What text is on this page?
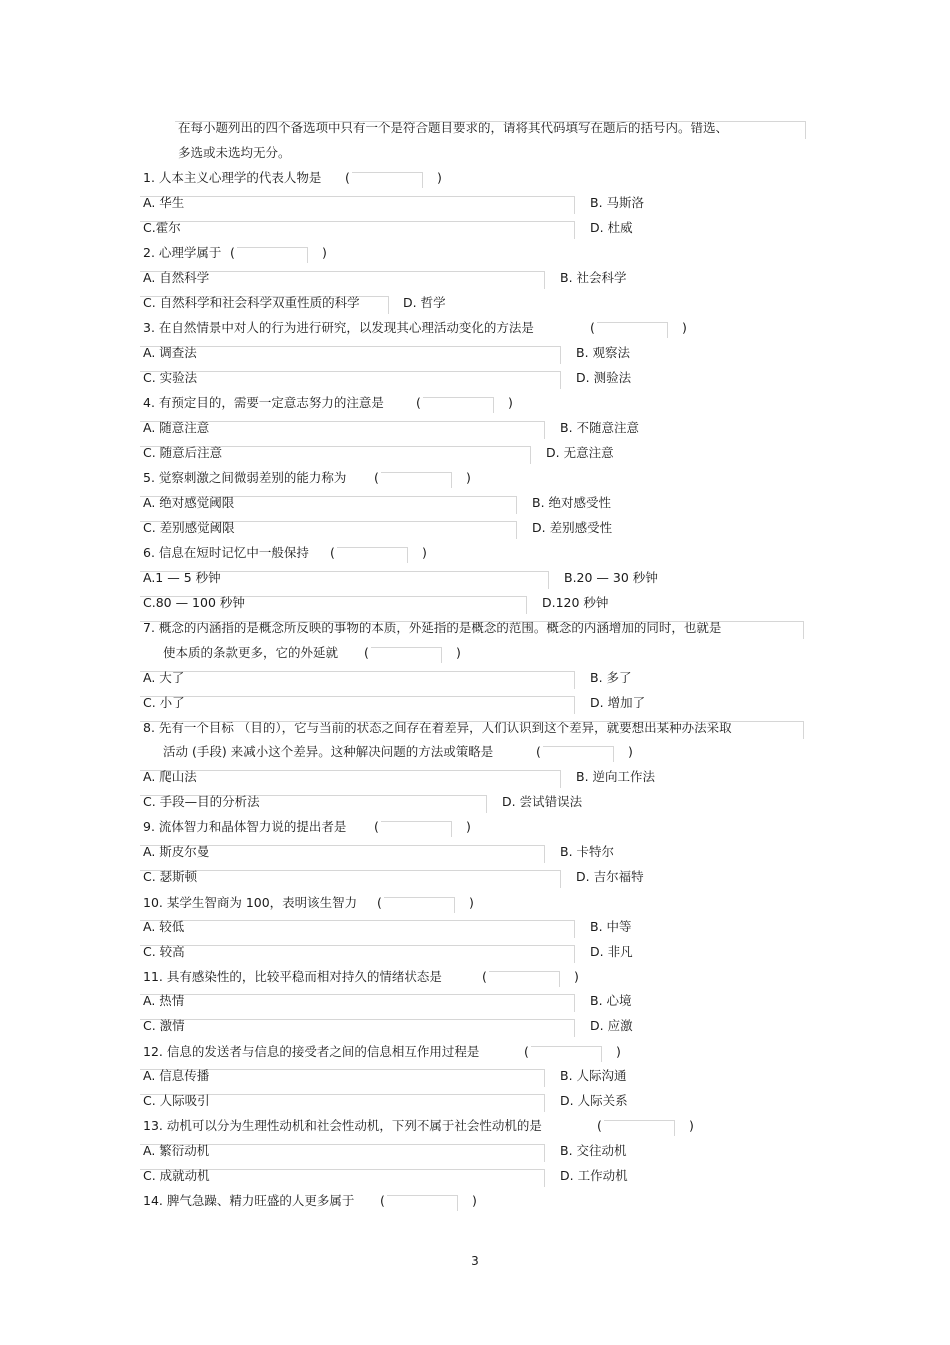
在每小题列出的四个备选项中只有一个是符合题目要求的，请将其代码填写在题后的括号内。错选、
多选或未选均无分。
1. 人本主义心理学的代表人物是 (	)
A. 华生	B. 马斯洛
C.霍尔	D. 杜威
2. 心理学属于 (	)
A. 自然科学	B. 社会科学
C. 自然科学和社会科学双重性质的科学	D. 哲学
3. 在自然情景中对人的行为进行研究，以发现其心理活动变化的方法是	(	)
A. 调查法	B. 观察法
C. 实验法	D. 测验法
4. 有预定目的，需要一定意志努力的注意是	(	)
A. 随意注意	B. 不随意注意
C. 随意后注意	D. 无意注意
5. 觉察刺激之间微弱差别的能力称为 (	)
A. 绝对感觉阈限	B. 绝对感受性
C. 差别感觉阈限	D. 差别感受性
6. 信息在短时记忆中一般保持 (	)
A.1 — 5 秒钟	B.20 — 30 秒钟
C.80 — 100 秒钟	D.120 秒钟
7. 概念的内涵指的是概念所反映的事物的本质，外延指的是概念的范围。概念的内涵增加的同时，也就是
使本质的条款更多，它的外延就 (	)
A. 大了	B. 多了
C. 小了	D. 增加了
8. 先有一个目标 （目的），它与当前的状态之间存在着差异，人们认识到这个差异，就要想出某种办法采取
活动 (手段) 来减小这个差异。这种解决问题的方法或策略是	(	)
A. 爬山法	B. 逆向工作法
C. 手段—目的分析法	D. 尝试错误法
9. 流体智力和晶体智力说的提出者是 (	)
A. 斯皮尔曼	B. 卡特尔
C. 瑟斯顿	D. 吉尔福特
10. 某学生智商为 100，表明该生智力 (	)
A. 较低	B. 中等
C. 较高	D. 非凡
11. 具有感染性的，比较平稳而相对持久的情绪状态是	(	)
A. 热情	B. 心境
C. 激情	D. 应激
12. 信息的发送者与信息的接受者之间的信息相互作用过程是	(	)
A. 信息传播	B. 人际沟通
C. 人际吸引	D. 人际关系
13. 动机可以分为生理性动机和社会性动机，下列不属于社会性动机的是	(	)
A. 繁衍动机	B. 交往动机
C. 成就动机	D. 工作动机
14. 脾气急躁、精力旺盛的人更多属于 (	)
3
